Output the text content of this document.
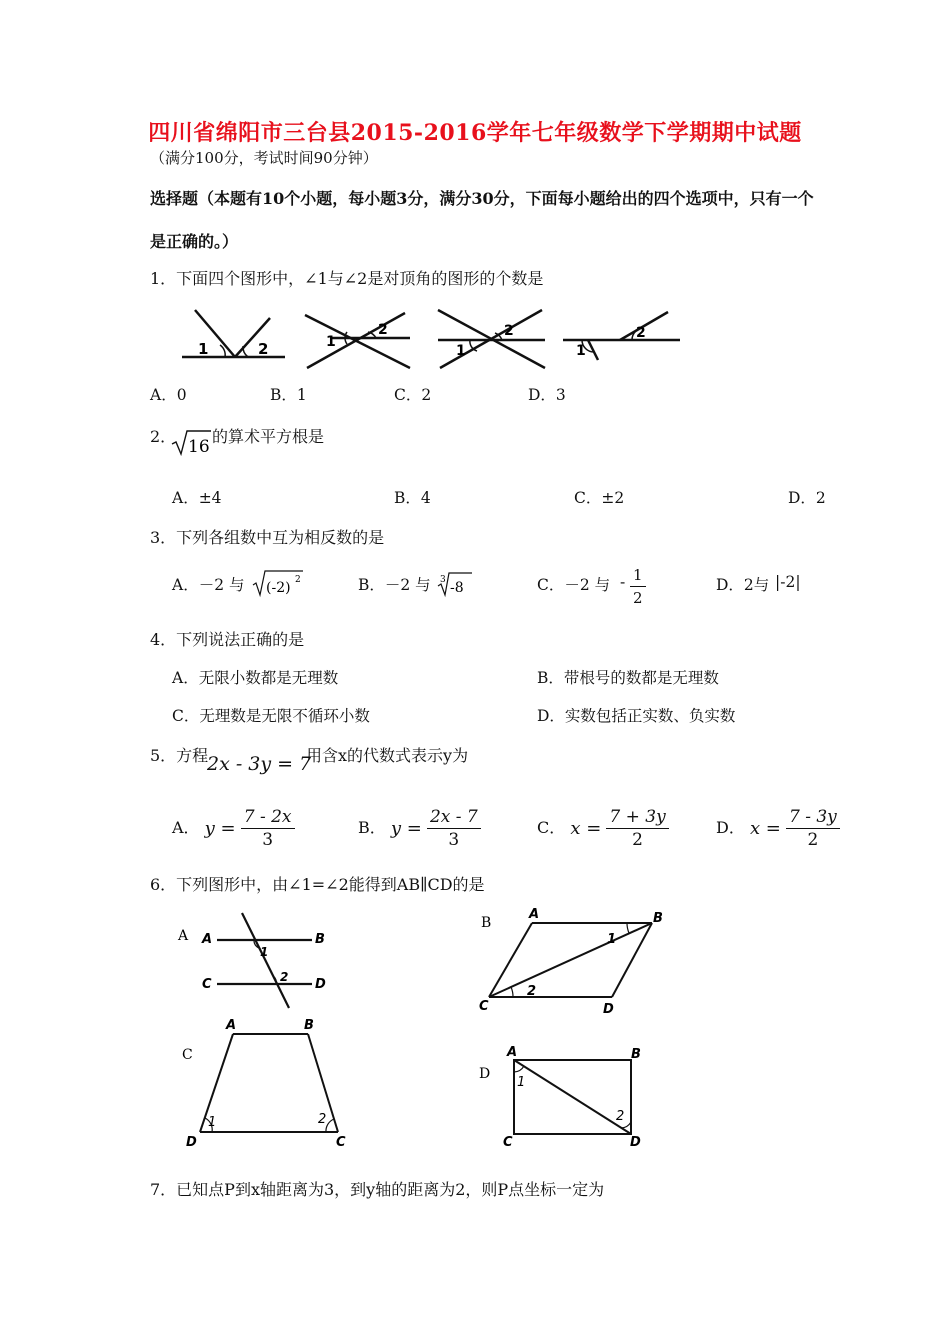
四川省绵阳市三台县2015-2016学年七年级数学下学期期中试题
（满分100分，考试时间90分钟）
选择题（本题有10个小题，每小题3分，满分30分，下面每小题给出的四个选项中，只有一个
是正确的。）
1．下面四个图形中，∠1与∠2是对顶角的图形的个数是
1	2	1
2
1
2
1
2
A．0	B．1	C．2	D．3
2．
16
的算术平方根是
A．±4	B．4	C．±2	D．2
3．下列各组数中互为相反数的是
A．－2 与 (-2) 2	B．－2 与 3 -8	C．－2 与 - $\frac{1}{2}$	D．2与 |-2|
4．下列说法正确的是
A．无限小数都是无理数	B．带根号的数都是无理数
C．无理数是无限不循环小数	D．实数包括正实数、负实数
5．方程
2x - 3y = 7
用含x的代数式表示y为
A． $y = \frac{7 - 2x}{3}$	B． $y = \frac{2x - 7}{3}$	C． $x = \frac{7 + 3y}{2}$	D． $x = \frac{7 - 3y}{2}$
6．下列图形中，由∠1=∠2能得到AB∥CD的是
A A	B
C	D
1
2
B
A	B
C	D
1
2
C
A	B
D	C
1	2
D
A	B
C	D
1
2
7．已知点P到x轴距离为3，到y轴的距离为2，则P点坐标一定为
